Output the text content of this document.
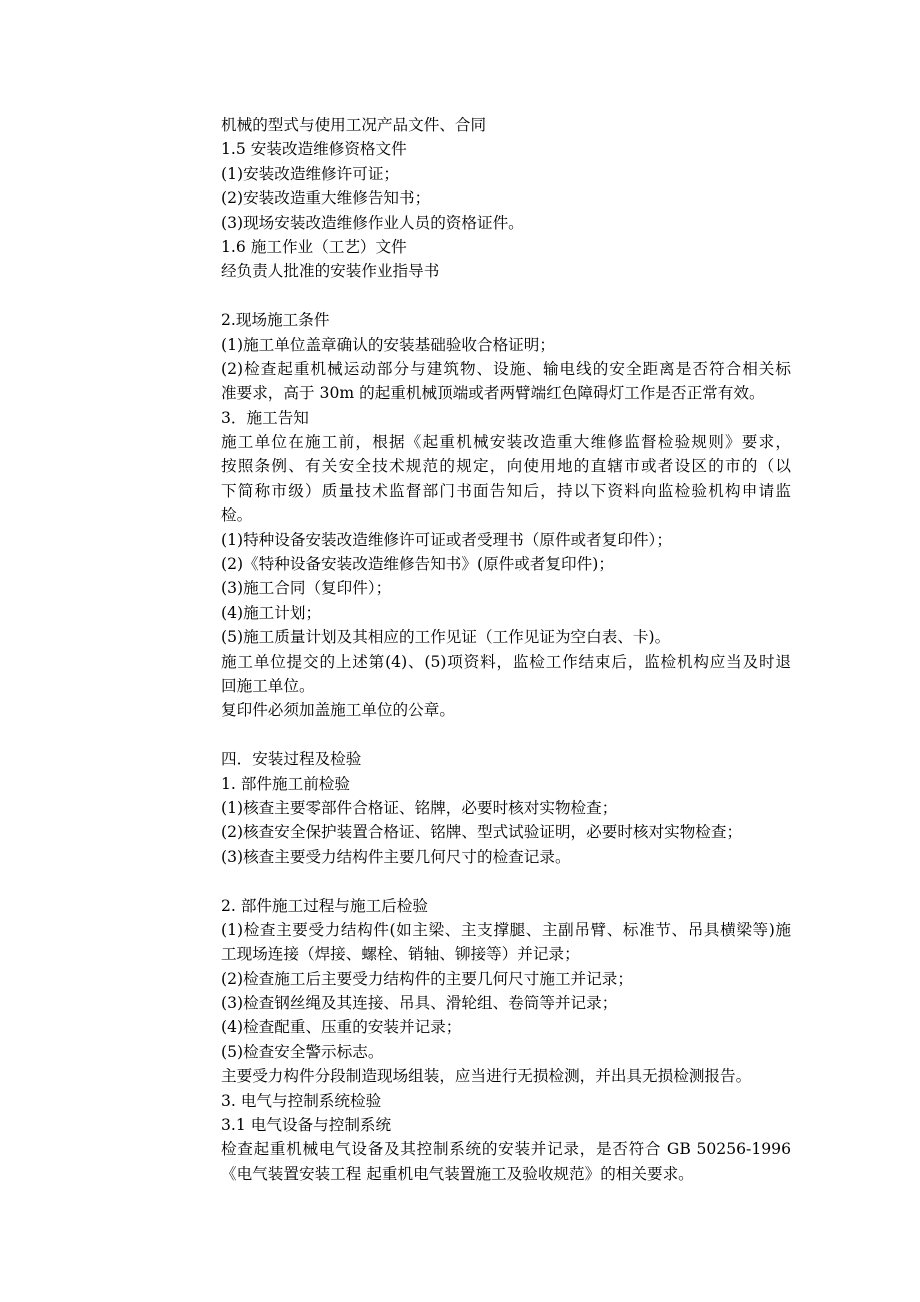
机械的型式与使用工况产品文件、合同
1.5 安装改造维修资格文件
(1)安装改造维修许可证；
(2)安装改造重大维修告知书；
(3)现场安装改造维修作业人员的资格证件。
1.6 施工作业（工艺）文件
经负责人批准的安装作业指导书
2.现场施工条件
(1)施工单位盖章确认的安装基础验收合格证明；
(2)检查起重机械运动部分与建筑物、设施、输电线的安全距离是否符合相关标
准要求，高于 30m 的起重机械顶端或者两臂端红色障碍灯工作是否正常有效。
3．施工告知
施工单位在施工前，根据《起重机械安装改造重大维修监督检验规则》要求，
按照条例、有关安全技术规范的规定，向使用地的直辖市或者设区的市的（以
下简称市级）质量技术监督部门书面告知后，持以下资料向监检验机构申请监
检。
(1)特种设备安装改造维修许可证或者受理书（原件或者复印件）；
(2)《特种设备安装改造维修告知书》(原件或者复印件)；
(3)施工合同（复印件）；
(4)施工计划；
(5)施工质量计划及其相应的工作见证（工作见证为空白表、卡)。
施工单位提交的上述第(4)、(5)项资料，监检工作结束后，监检机构应当及时退
回施工单位。
复印件必须加盖施工单位的公章。
四．安装过程及检验
1. 部件施工前检验
(1)核查主要零部件合格证、铭牌，必要时核对实物检查；
(2)核查安全保护装置合格证、铭牌、型式试验证明，必要时核对实物检查；
(3)核查主要受力结构件主要几何尺寸的检查记录。
2. 部件施工过程与施工后检验
(1)检查主要受力结构件(如主梁、主支撑腿、主副吊臂、标准节、吊具横梁等)施
工现场连接（焊接、螺栓、销轴、铆接等）并记录；
(2)检查施工后主要受力结构件的主要几何尺寸施工并记录；
(3)检查钢丝绳及其连接、吊具、滑轮组、卷筒等并记录；
(4)检查配重、压重的安装并记录；
(5)检查安全警示标志。
主要受力构件分段制造现场组装，应当进行无损检测，并出具无损检测报告。
3. 电气与控制系统检验
3.1 电气设备与控制系统
检查起重机械电气设备及其控制系统的安装并记录，是否符合 GB 50256-1996
《电气装置安装工程 起重机电气装置施工及验收规范》的相关要求。
